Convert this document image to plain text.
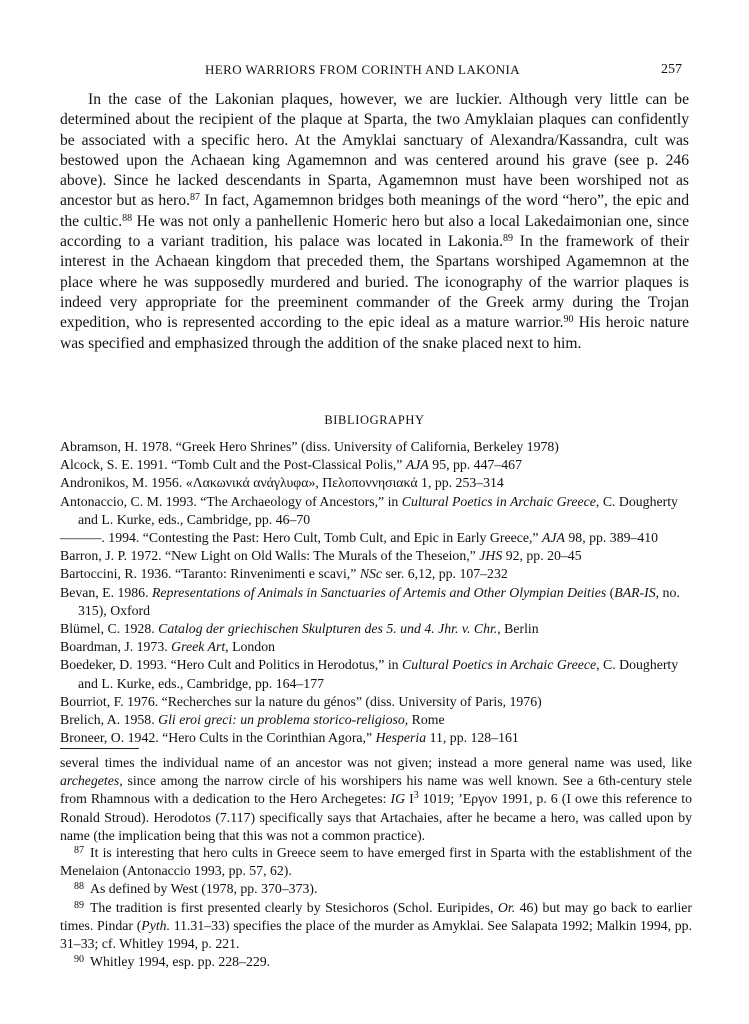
HERO WARRIORS FROM CORINTH AND LAKONIA	257

In the case of the Lakonian plaques, however, we are luckier. Although very little can be determined about the recipient of the plaque at Sparta, the two Amyklaian plaques can confidently be associated with a specific hero. At the Amyklai sanctuary of Alexandra/Kassandra, cult was bestowed upon the Achaean king Agamemnon and was centered around his grave (see p. 246 above). Since he lacked descendants in Sparta, Agamemnon must have been worshiped not as ancestor but as hero.$^{87}$ In fact, Agamemnon bridges both meanings of the word “hero”, the epic and the cultic.$^{88}$ He was not only a panhellenic Homeric hero but also a local Lakedaimonian one, since according to a variant tradition, his palace was located in Lakonia.$^{89}$ In the framework of their interest in the Achaean kingdom that preceded them, the Spartans worshiped Agamemnon at the place where he was supposedly murdered and buried. The iconography of the warrior plaques is indeed very appropriate for the preeminent commander of the Greek army during the Trojan expedition, who is represented according to the epic ideal as a mature warrior.$^{90}$ His heroic nature was specified and emphasized through the addition of the snake placed next to him.

BIBLIOGRAPHY
Abramson, H. 1978. “Greek Hero Shrines” (diss. University of California, Berkeley 1978)
Alcock, S. E. 1991. “Tomb Cult and the Post-Classical Polis,” AJA 95, pp. 447–467
Andronikos, M. 1956. «Λακωνικά ανάγλυφα», Πελοποννησιακά 1, pp. 253–314
Antonaccio, C. M. 1993. “The Archaeology of Ancestors,” in Cultural Poetics in Archaic Greece, C. Dougherty and L. Kurke, eds., Cambridge, pp. 46–70
———. 1994. “Contesting the Past: Hero Cult, Tomb Cult, and Epic in Early Greece,” AJA 98, pp. 389–410
Barron, J. P. 1972. “New Light on Old Walls: The Murals of the Theseion,” JHS 92, pp. 20–45
Bartoccini, R. 1936. “Taranto: Rinvenimenti e scavi,” NSc ser. 6,12, pp. 107–232
Bevan, E. 1986. Representations of Animals in Sanctuaries of Artemis and Other Olympian Deities (BAR-IS, no. 315), Oxford
Blümel, C. 1928. Catalog der griechischen Skulpturen des 5. und 4. Jhr. v. Chr., Berlin
Boardman, J. 1973. Greek Art, London
Boedeker, D. 1993. “Hero Cult and Politics in Herodotus,” in Cultural Poetics in Archaic Greece, C. Dougherty and L. Kurke, eds., Cambridge, pp. 164–177
Bourriot, F. 1976. “Recherches sur la nature du génos” (diss. University of Paris, 1976)
Brelich, A. 1958. Gli eroi greci: un problema storico-religioso, Rome
Broneer, O. 1942. “Hero Cults in the Corinthian Agora,” Hesperia 11, pp. 128–161

several times the individual name of an ancestor was not given; instead a more general name was used, like archegetes, since among the narrow circle of his worshipers his name was well known. See a 6th-century stele from Rhamnous with a dedication to the Hero Archegetes: IG $I^3$ 1019; ʼΕργον 1991, p. 6 (I owe this reference to Ronald Stroud). Herodotos (7.117) specifically says that Artachaies, after he became a hero, was called upon by name (the implication being that this was not a common practice).

$^{87}$ It is interesting that hero cults in Greece seem to have emerged first in Sparta with the establishment of the Menelaion (Antonaccio 1993, pp. 57, 62).
$^{88}$ As defined by West (1978, pp. 370–373).
$^{89}$ The tradition is first presented clearly by Stesichoros (Schol. Euripides, Or. 46) but may go back to earlier times. Pindar (Pyth. 11.31–33) specifies the place of the murder as Amyklai. See Salapata 1992; Malkin 1994, pp. 31–33; cf. Whitley 1994, p. 221.
$^{90}$ Whitley 1994, esp. pp. 228–229.
